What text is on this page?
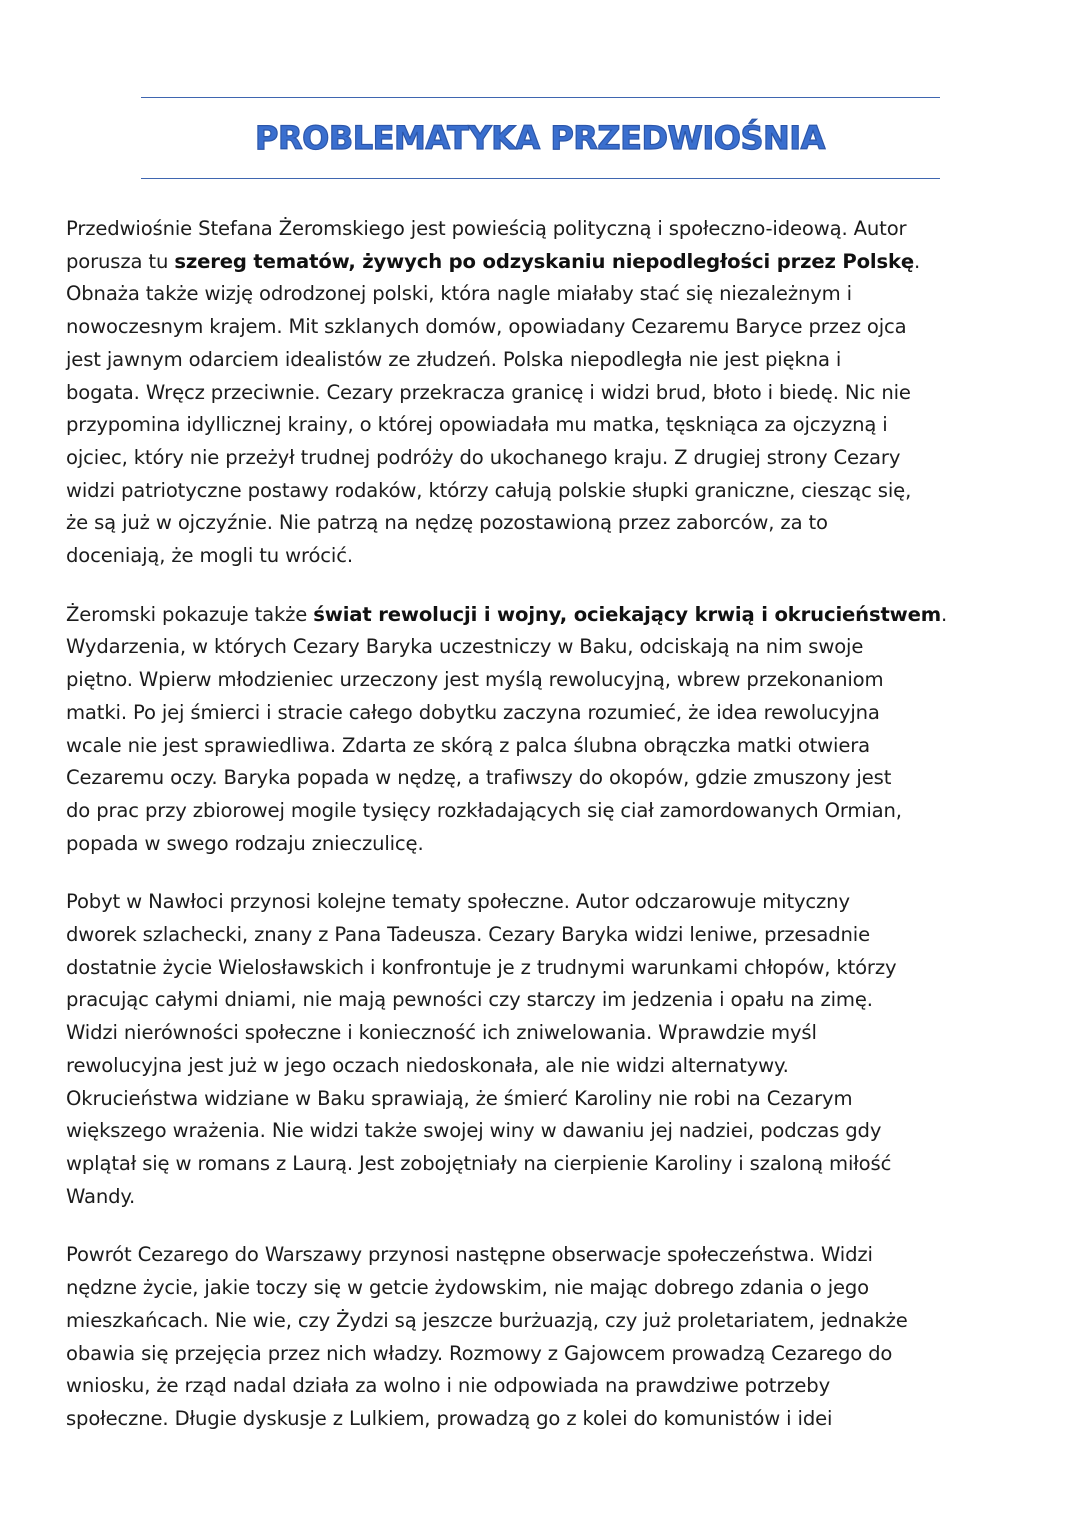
PROBLEMATYKA PRZEDWIOŚNIA
Przedwiośnie Stefana Żeromskiego jest powieścią polityczną i społeczno-ideową. Autor
porusza tu szereg tematów, żywych po odzyskaniu niepodległości przez Polskę.
Obnaża także wizję odrodzonej polski, która nagle miałaby stać się niezależnym i
nowoczesnym krajem. Mit szklanych domów, opowiadany Cezaremu Baryce przez ojca
jest jawnym odarciem idealistów ze złudzeń. Polska niepodległa nie jest piękna i
bogata. Wręcz przeciwnie. Cezary przekracza granicę i widzi brud, błoto i biedę. Nic nie
przypomina idyllicznej krainy, o której opowiadała mu matka, tęskniąca za ojczyzną i
ojciec, który nie przeżył trudnej podróży do ukochanego kraju. Z drugiej strony Cezary
widzi patriotyczne postawy rodaków, którzy całują polskie słupki graniczne, ciesząc się,
że są już w ojczyźnie. Nie patrzą na nędzę pozostawioną przez zaborców, za to
doceniają, że mogli tu wrócić.
Żeromski pokazuje także świat rewolucji i wojny, ociekający krwią i okrucieństwem.
Wydarzenia, w których Cezary Baryka uczestniczy w Baku, odciskają na nim swoje
piętno. Wpierw młodzieniec urzeczony jest myślą rewolucyjną, wbrew przekonaniom
matki. Po jej śmierci i stracie całego dobytku zaczyna rozumieć, że idea rewolucyjna
wcale nie jest sprawiedliwa. Zdarta ze skórą z palca ślubna obrączka matki otwiera
Cezaremu oczy. Baryka popada w nędzę, a trafiwszy do okopów, gdzie zmuszony jest
do prac przy zbiorowej mogile tysięcy rozkładających się ciał zamordowanych Ormian,
popada w swego rodzaju znieczulicę.
Pobyt w Nawłoci przynosi kolejne tematy społeczne. Autor odczarowuje mityczny
dworek szlachecki, znany z Pana Tadeusza. Cezary Baryka widzi leniwe, przesadnie
dostatnie życie Wielosławskich i konfrontuje je z trudnymi warunkami chłopów, którzy
pracując całymi dniami, nie mają pewności czy starczy im jedzenia i opału na zimę.
Widzi nierówności społeczne i konieczność ich zniwelowania. Wprawdzie myśl
rewolucyjna jest już w jego oczach niedoskonała, ale nie widzi alternatywy.
Okrucieństwa widziane w Baku sprawiają, że śmierć Karoliny nie robi na Cezarym
większego wrażenia. Nie widzi także swojej winy w dawaniu jej nadziei, podczas gdy
wplątał się w romans z Laurą. Jest zobojętniały na cierpienie Karoliny i szaloną miłość
Wandy.
Powrót Cezarego do Warszawy przynosi następne obserwacje społeczeństwa. Widzi
nędzne życie, jakie toczy się w getcie żydowskim, nie mając dobrego zdania o jego
mieszkańcach. Nie wie, czy Żydzi są jeszcze burżuazją, czy już proletariatem, jednakże
obawia się przejęcia przez nich władzy. Rozmowy z Gajowcem prowadzą Cezarego do
wniosku, że rząd nadal działa za wolno i nie odpowiada na prawdziwe potrzeby
społeczne. Długie dyskusje z Lulkiem, prowadzą go z kolei do komunistów i idei
